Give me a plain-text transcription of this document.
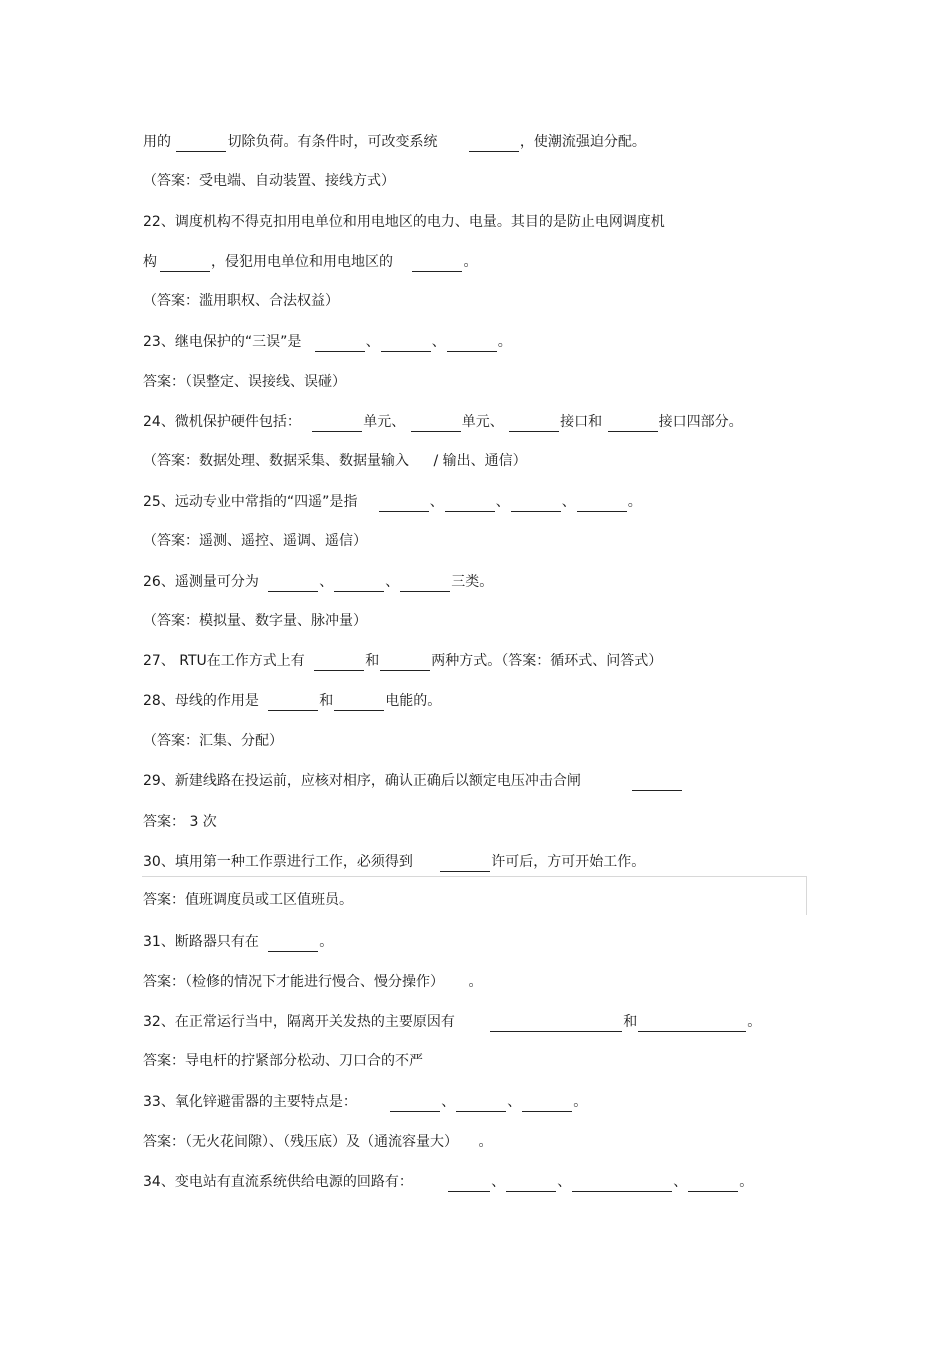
用的	切除负荷。有条件时，可改变系统	，使潮流强迫分配。
（答案：受电端、自动装置、接线方式）
22、调度机构不得克扣用电单位和用电地区的电力、电量。其目的是防止电网调度机
构	，侵犯用电单位和用电地区的	。
（答案：滥用职权、合法权益）
23、继电保护的“三误”是	、	、	。
答案：（误整定、误接线、误碰）
24、微机保护硬件包括：	单元、	单元、	接口和	接口四部分。
（答案：数据处理、数据采集、数据量输入 / 输出、通信）
25、远动专业中常指的“四遥”是指	、	、	、	。
（答案：遥测、遥控、遥调、遥信）
26、遥测量可分为	、	、	三类。
（答案：模拟量、数字量、脉冲量）
27、 RTU在工作方式上有	和	两种方式。（答案：循环式、问答式）
28、母线的作用是	和	电能的。
（答案：汇集、分配）
29、新建线路在投运前，应核对相序，确认正确后以额定电压冲击合闸
答案： 3 次
30、填用第一种工作票进行工作，必须得到	许可后，方可开始工作。
答案：值班调度员或工区值班员。
31、断路器只有在	。
答案：（检修的情况下才能进行慢合、慢分操作） 。
32、在正常运行当中，隔离开关发热的主要原因有	和	。
答案：导电杆的拧紧部分松动、刀口合的不严
33、氧化锌避雷器的主要特点是：	、	、	。
答案：（无火花间隙）、（残压底）及（通流容量大） 。
34、变电站有直流系统供给电源的回路有：	、	、	、	。
